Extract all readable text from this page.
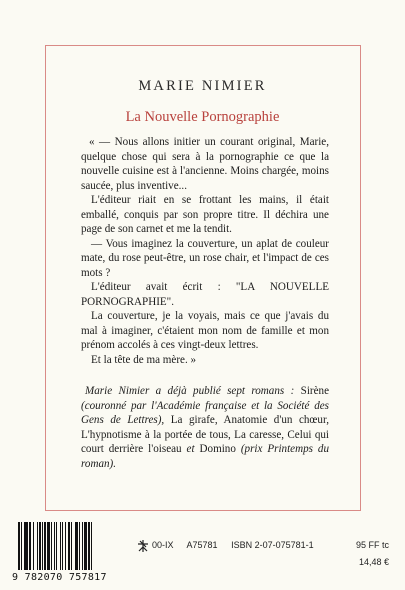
MARIE NIMIER
La Nouvelle Pornographie

« — Nous allons initier un courant original, Marie, quelque chose qui sera à la pornographie ce que la nouvelle cuisine est à l'ancienne. Moins chargée, moins saucée, plus inventive...

L'éditeur riait en se frottant les mains, il était emballé, conquis par son propre titre. Il déchira une page de son carnet et me la tendit.

— Vous imaginez la couverture, un aplat de couleur mate, du rose peut-être, un rose chair, et l'impact de ces mots ?

L'éditeur avait écrit : "LA NOUVELLE PORNOGRAPHIE".

La couverture, je la voyais, mais ce que j'avais du mal à imaginer, c'étaient mon nom de famille et mon prénom accolés à ces vingt-deux lettres.

Et la tête de ma mère. »

Marie Nimier a déjà publié sept romans : Sirène (couronné par l'Académie française et la Société des Gens de Lettres), La girafe, Anatomie d'un chœur, L'hypnotisme à la portée de tous, La caresse, Celui qui court derrière l'oiseau et Domino (prix Printemps du roman).
9 782070 757817
00-IX A75781 ISBN 2-07-075781-1	95 FF tc
14,48 €
